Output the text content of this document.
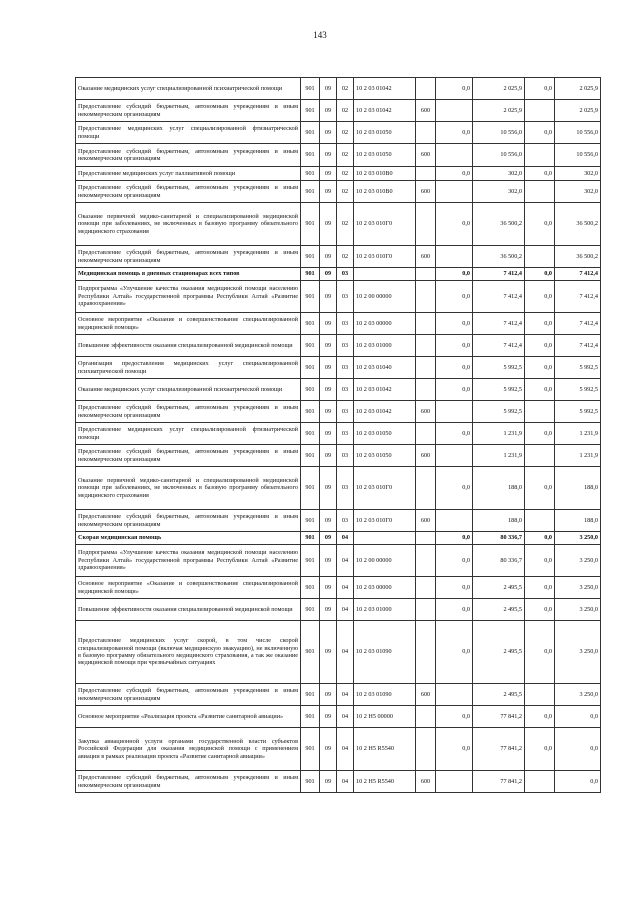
143
Оказание медицинских услуг специализированной психиатрической помощи	901	09	02	10 2 03 01042		0,0	2 025,9	0,0	2 025,9
Предоставление субсидий бюджетным, автономным учреждениям и иным некоммерческим организациям	901	09	02	10 2 03 01042	600		2 025,9		2 025,9
Предоставление медицинских услуг специализированной фтизиатрической помощи	901	09	02	10 2 03 01050		0,0	10 556,0	0,0	10 556,0
Предоставление субсидий бюджетным, автономным учреждениям и иным некоммерческим организациям	901	09	02	10 2 03 01050	600		10 556,0		10 556,0
Предоставление медицинских услуг паллиативной помощи	901	09	02	10 2 03 010В0		0,0	302,0	0,0	302,0
Предоставление субсидий бюджетным, автономным учреждениям и иным некоммерческим организациям	901	09	02	10 2 03 010В0	600		302,0		302,0
Оказание первичной медико-санитарной и специализированной медицинской помощи при заболеваниях, не включенных в базовую программу обязательного медицинского страхования	901	09	02	10 2 03 010Г0		0,0	36 500,2	0,0	36 500,2
Предоставление субсидий бюджетным, автономным учреждениям и иным некоммерческим организациям	901	09	02	10 2 03 010Г0	600		36 500,2		36 500,2
Медицинская помощь в дневных стационарах всех типов	901	09	03			0,0	7 412,4	0,0	7 412,4
Подпрограмма «Улучшение качества оказания медицинской помощи населению Республики Алтай» государственной программы Республики Алтай «Развитие здравоохранения»	901	09	03	10 2 00 00000		0,0	7 412,4	0,0	7 412,4
Основное мероприятие «Оказание и совершенствование специализированной медицинской помощи»	901	09	03	10 2 03 00000		0,0	7 412,4	0,0	7 412,4
Повышение эффективности оказания специализированной медицинской помощи	901	09	03	10 2 03 01000		0,0	7 412,4	0,0	7 412,4
Организация предоставления медицинских услуг специализированной психиатрической помощи	901	09	03	10 2 03 01040		0,0	5 992,5	0,0	5 992,5
Оказание медицинских услуг специализированной психиатрической помощи	901	09	03	10 2 03 01042		0,0	5 992,5	0,0	5 992,5
Предоставление субсидий бюджетным, автономным учреждениям и иным некоммерческим организациям	901	09	03	10 2 03 01042	600		5 992,5		5 992,5
Предоставление медицинских услуг специализированной фтизиатрической помощи	901	09	03	10 2 03 01050		0,0	1 231,9	0,0	1 231,9
Предоставление субсидий бюджетным, автономным учреждениям и иным некоммерческим организациям	901	09	03	10 2 03 01050	600		1 231,9		1 231,9
Оказание первичной медико-санитарной и специализированной медицинской помощи при заболеваниях, не включенных в базовую программу обязательного медицинского страхования	901	09	03	10 2 03 010Г0		0,0	188,0	0,0	188,0
Предоставление субсидий бюджетным, автономным учреждениям и иным некоммерческим организациям	901	09	03	10 2 03 010Г0	600		188,0		188,0
Скорая медицинская помощь	901	09	04			0,0	80 336,7	0,0	3 250,0
Подпрограмма «Улучшение качества оказания медицинской помощи населению Республики Алтай» государственной программы Республики Алтай «Развитие здравоохранения»	901	09	04	10 2 00 00000		0,0	80 336,7	0,0	3 250,0
Основное мероприятие «Оказание и совершенствование специализированной медицинской помощи»	901	09	04	10 2 03 00000		0,0	2 495,5	0,0	3 250,0
Повышение эффективности оказания специализированной медицинской помощи	901	09	04	10 2 03 01000		0,0	2 495,5	0,0	3 250,0
Предоставление медицинских услуг скорой, в том числе скорой специализированной помощи (включая медицинскую эвакуацию), не включенную в базовую программу обязательного медицинского страхования, а так же оказание медицинской помощи при чрезвычайных ситуациях	901	09	04	10 2 03 01090		0,0	2 495,5	0,0	3 250,0
Предоставление субсидий бюджетным, автономным учреждениям и иным некоммерческим организациям	901	09	04	10 2 03 01090	600		2 495,5		3 250,0
Основное мероприятие «Реализация проекта «Развитие санитарной авиации»	901	09	04	10 2 Н5 00000		0,0	77 841,2	0,0	0,0
Закупка авиационной услуги органами государственной власти субъектов Российской Федерации для оказания медицинской помощи с применением авиации в рамках реализации проекта «Развитие санитарной авиации»	901	09	04	10 2 Н5 R5540		0,0	77 841,2	0,0	0,0
Предоставление субсидий бюджетным, автономным учреждениям и иным некоммерческим организациям	901	09	04	10 2 Н5 R5540	600		77 841,2		0,0
